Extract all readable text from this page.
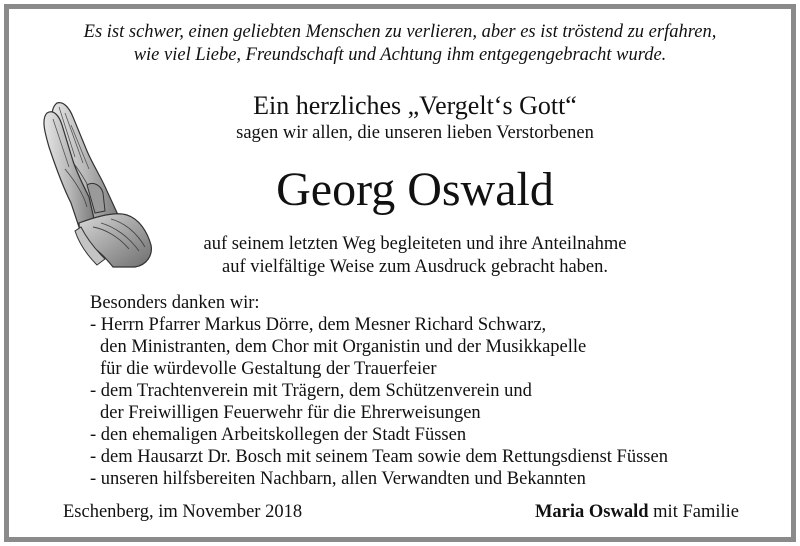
Es ist schwer, einen geliebten Menschen zu verlieren, aber es ist tröstend zu erfahren,
wie viel Liebe, Freundschaft und Achtung ihm entgegengebracht wurde.
Ein herzliches „Vergelt‘s Gott“
sagen wir allen, die unseren lieben Verstorbenen
Georg Oswald
auf seinem letzten Weg begleiteten und ihre Anteilnahme
auf vielfältige Weise zum Ausdruck gebracht haben.
Besonders danken wir:
- Herrn Pfarrer Markus Dörre, dem Mesner Richard Schwarz,
den Ministranten, dem Chor mit Organistin und der Musikkapelle
für die würdevolle Gestaltung der Trauerfeier
- dem Trachtenverein mit Trägern, dem Schützenverein und
der Freiwilligen Feuerwehr für die Ehrerweisungen
- den ehemaligen Arbeitskollegen der Stadt Füssen
- dem Hausarzt Dr. Bosch mit seinem Team sowie dem Rettungsdienst Füssen
- unseren hilfsbereiten Nachbarn, allen Verwandten und Bekannten
Eschenberg, im November 2018	Maria Oswald mit Familie
